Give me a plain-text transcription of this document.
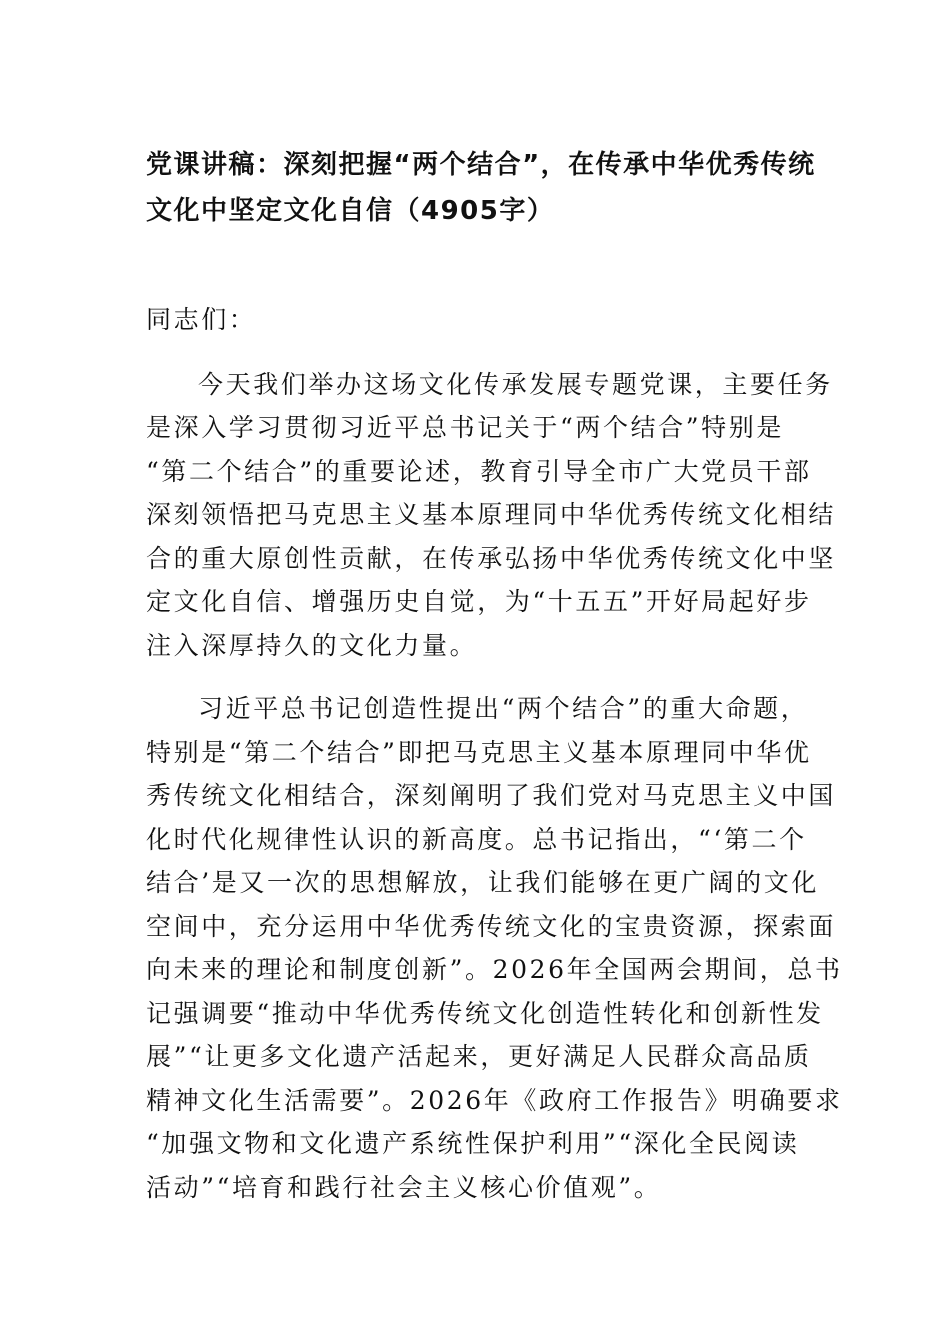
党课讲稿：深刻把握“两个结合”，在传承中华优秀传统
文化中坚定文化自信（4905字）

同志们：

今天我们举办这场文化传承发展专题党课，主要任务

是深入学习贯彻习近平总书记关于“两个结合”特别是

“第二个结合”的重要论述，教育引导全市广大党员干部

深刻领悟把马克思主义基本原理同中华优秀传统文化相结

合的重大原创性贡献，在传承弘扬中华优秀传统文化中坚

定文化自信、增强历史自觉，为“十五五”开好局起好步

注入深厚持久的文化力量。

习近平总书记创造性提出“两个结合”的重大命题，

特别是“第二个结合”即把马克思主义基本原理同中华优

秀传统文化相结合，深刻阐明了我们党对马克思主义中国

化时代化规律性认识的新高度。总书记指出，“‘第二个

结合’是又一次的思想解放，让我们能够在更广阔的文化

空间中，充分运用中华优秀传统文化的宝贵资源，探索面

向未来的理论和制度创新”。2026年全国两会期间，总书

记强调要“推动中华优秀传统文化创造性转化和创新性发

展”“让更多文化遗产活起来，更好满足人民群众高品质

精神文化生活需要”。2026年《政府工作报告》明确要求

“加强文物和文化遗产系统性保护利用”“深化全民阅读

活动”“培育和践行社会主义核心价值观”。
